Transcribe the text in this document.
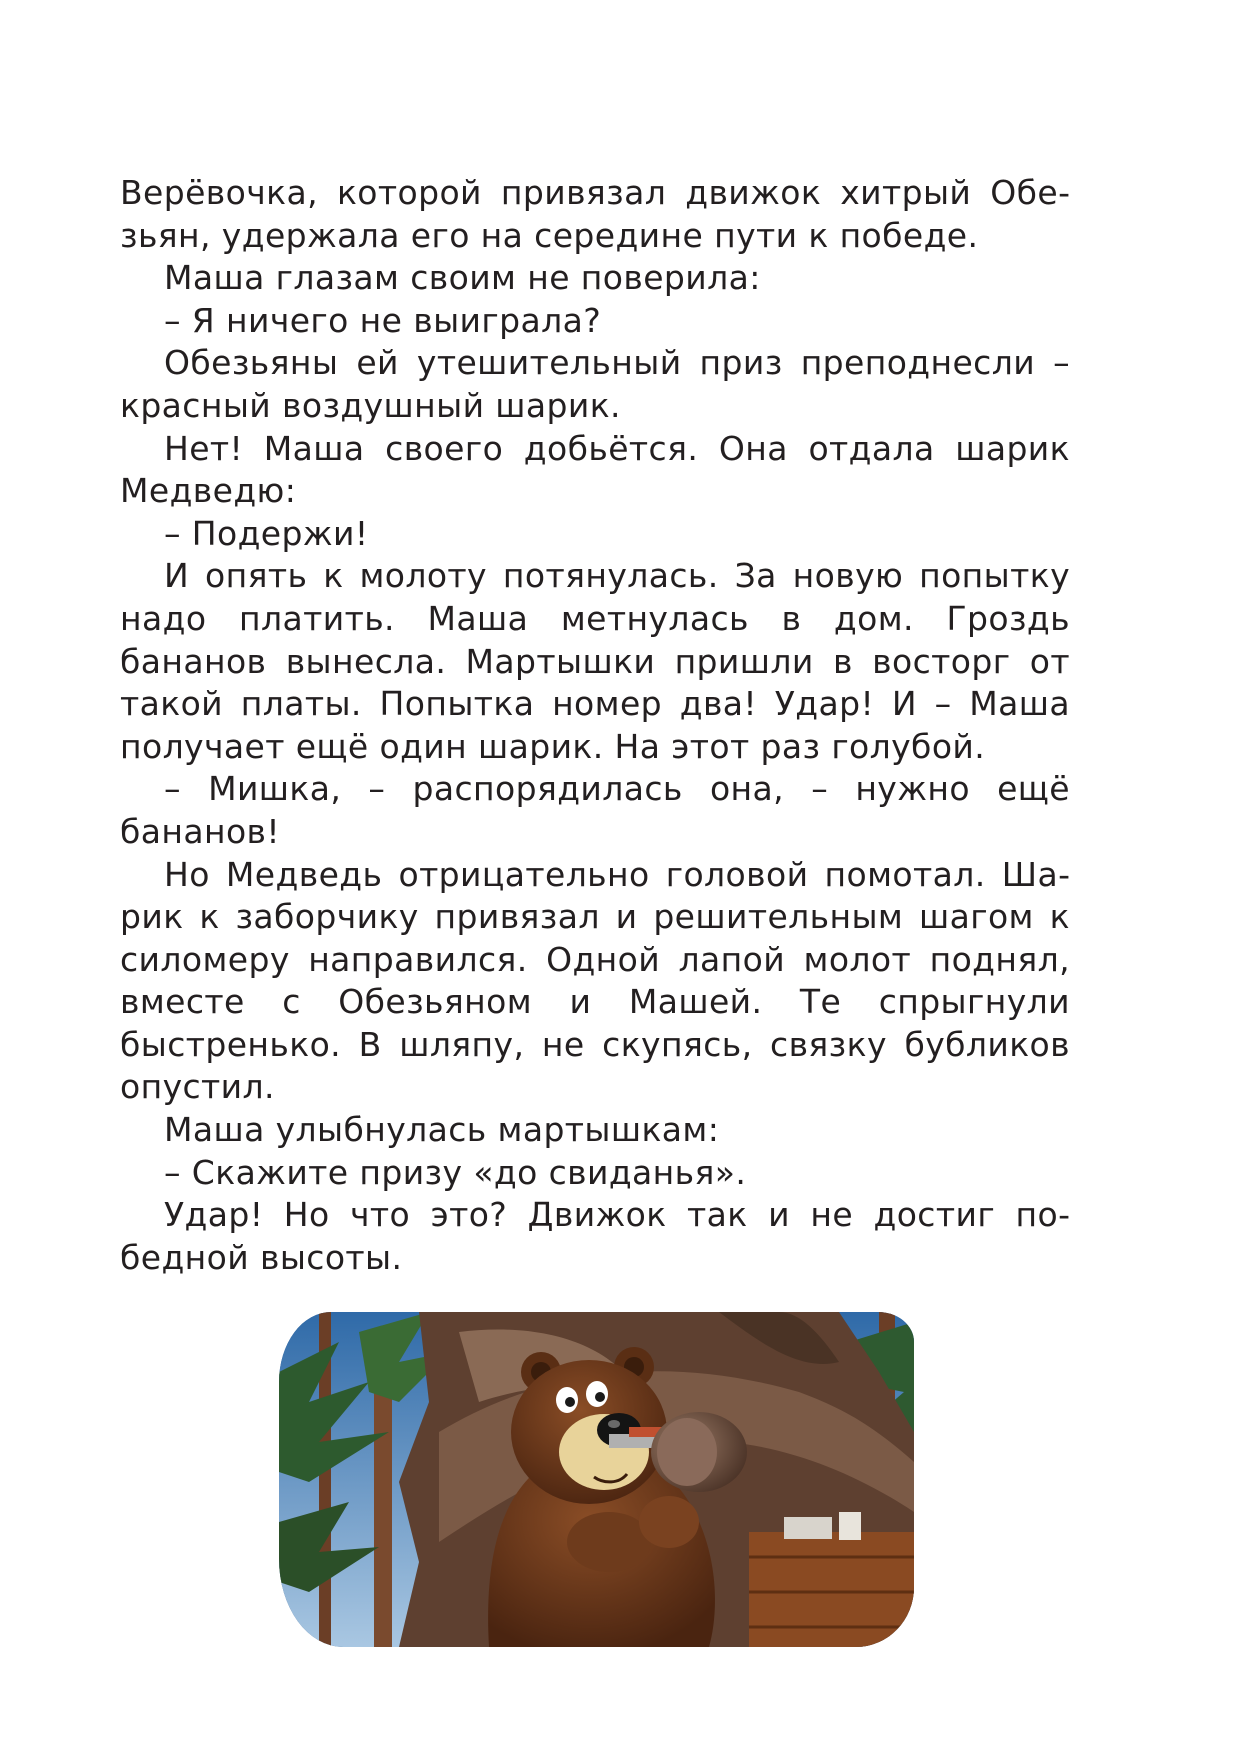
Верёвочка, которой привязал движок хитрый Обезьян, удержала его на середине пути к победе.

Маша глазам своим не поверила:

– Я ничего не выиграла?

Обезьяны ей утешительный приз преподнесли – красный воздушный шарик.

Нет! Маша своего добьётся. Она отдала шарик Медведю:

– Подержи!

И опять к молоту потянулась. За новую попытку надо платить. Маша метнулась в дом. Гроздь бананов вынесла. Мартышки пришли в восторг от такой платы. Попытка номер два! Удар! И – Маша получает ещё один шарик. На этот раз голубой.

– Мишка, – распорядилась она, – нужно ещё бананов!

Но Медведь отрицательно головой помотал. Шарик к заборчику привязал и решительным шагом к силомеру направился. Одной лапой молот поднял, вместе с Обезьяном и Машей. Те спрыгнули быстренько. В шляпу, не скупясь, связку бубликов опустил.

Маша улыбнулась мартышкам:

– Скажите призу «до свиданья».

Удар! Но что это? Движок так и не достиг победной высоты.
